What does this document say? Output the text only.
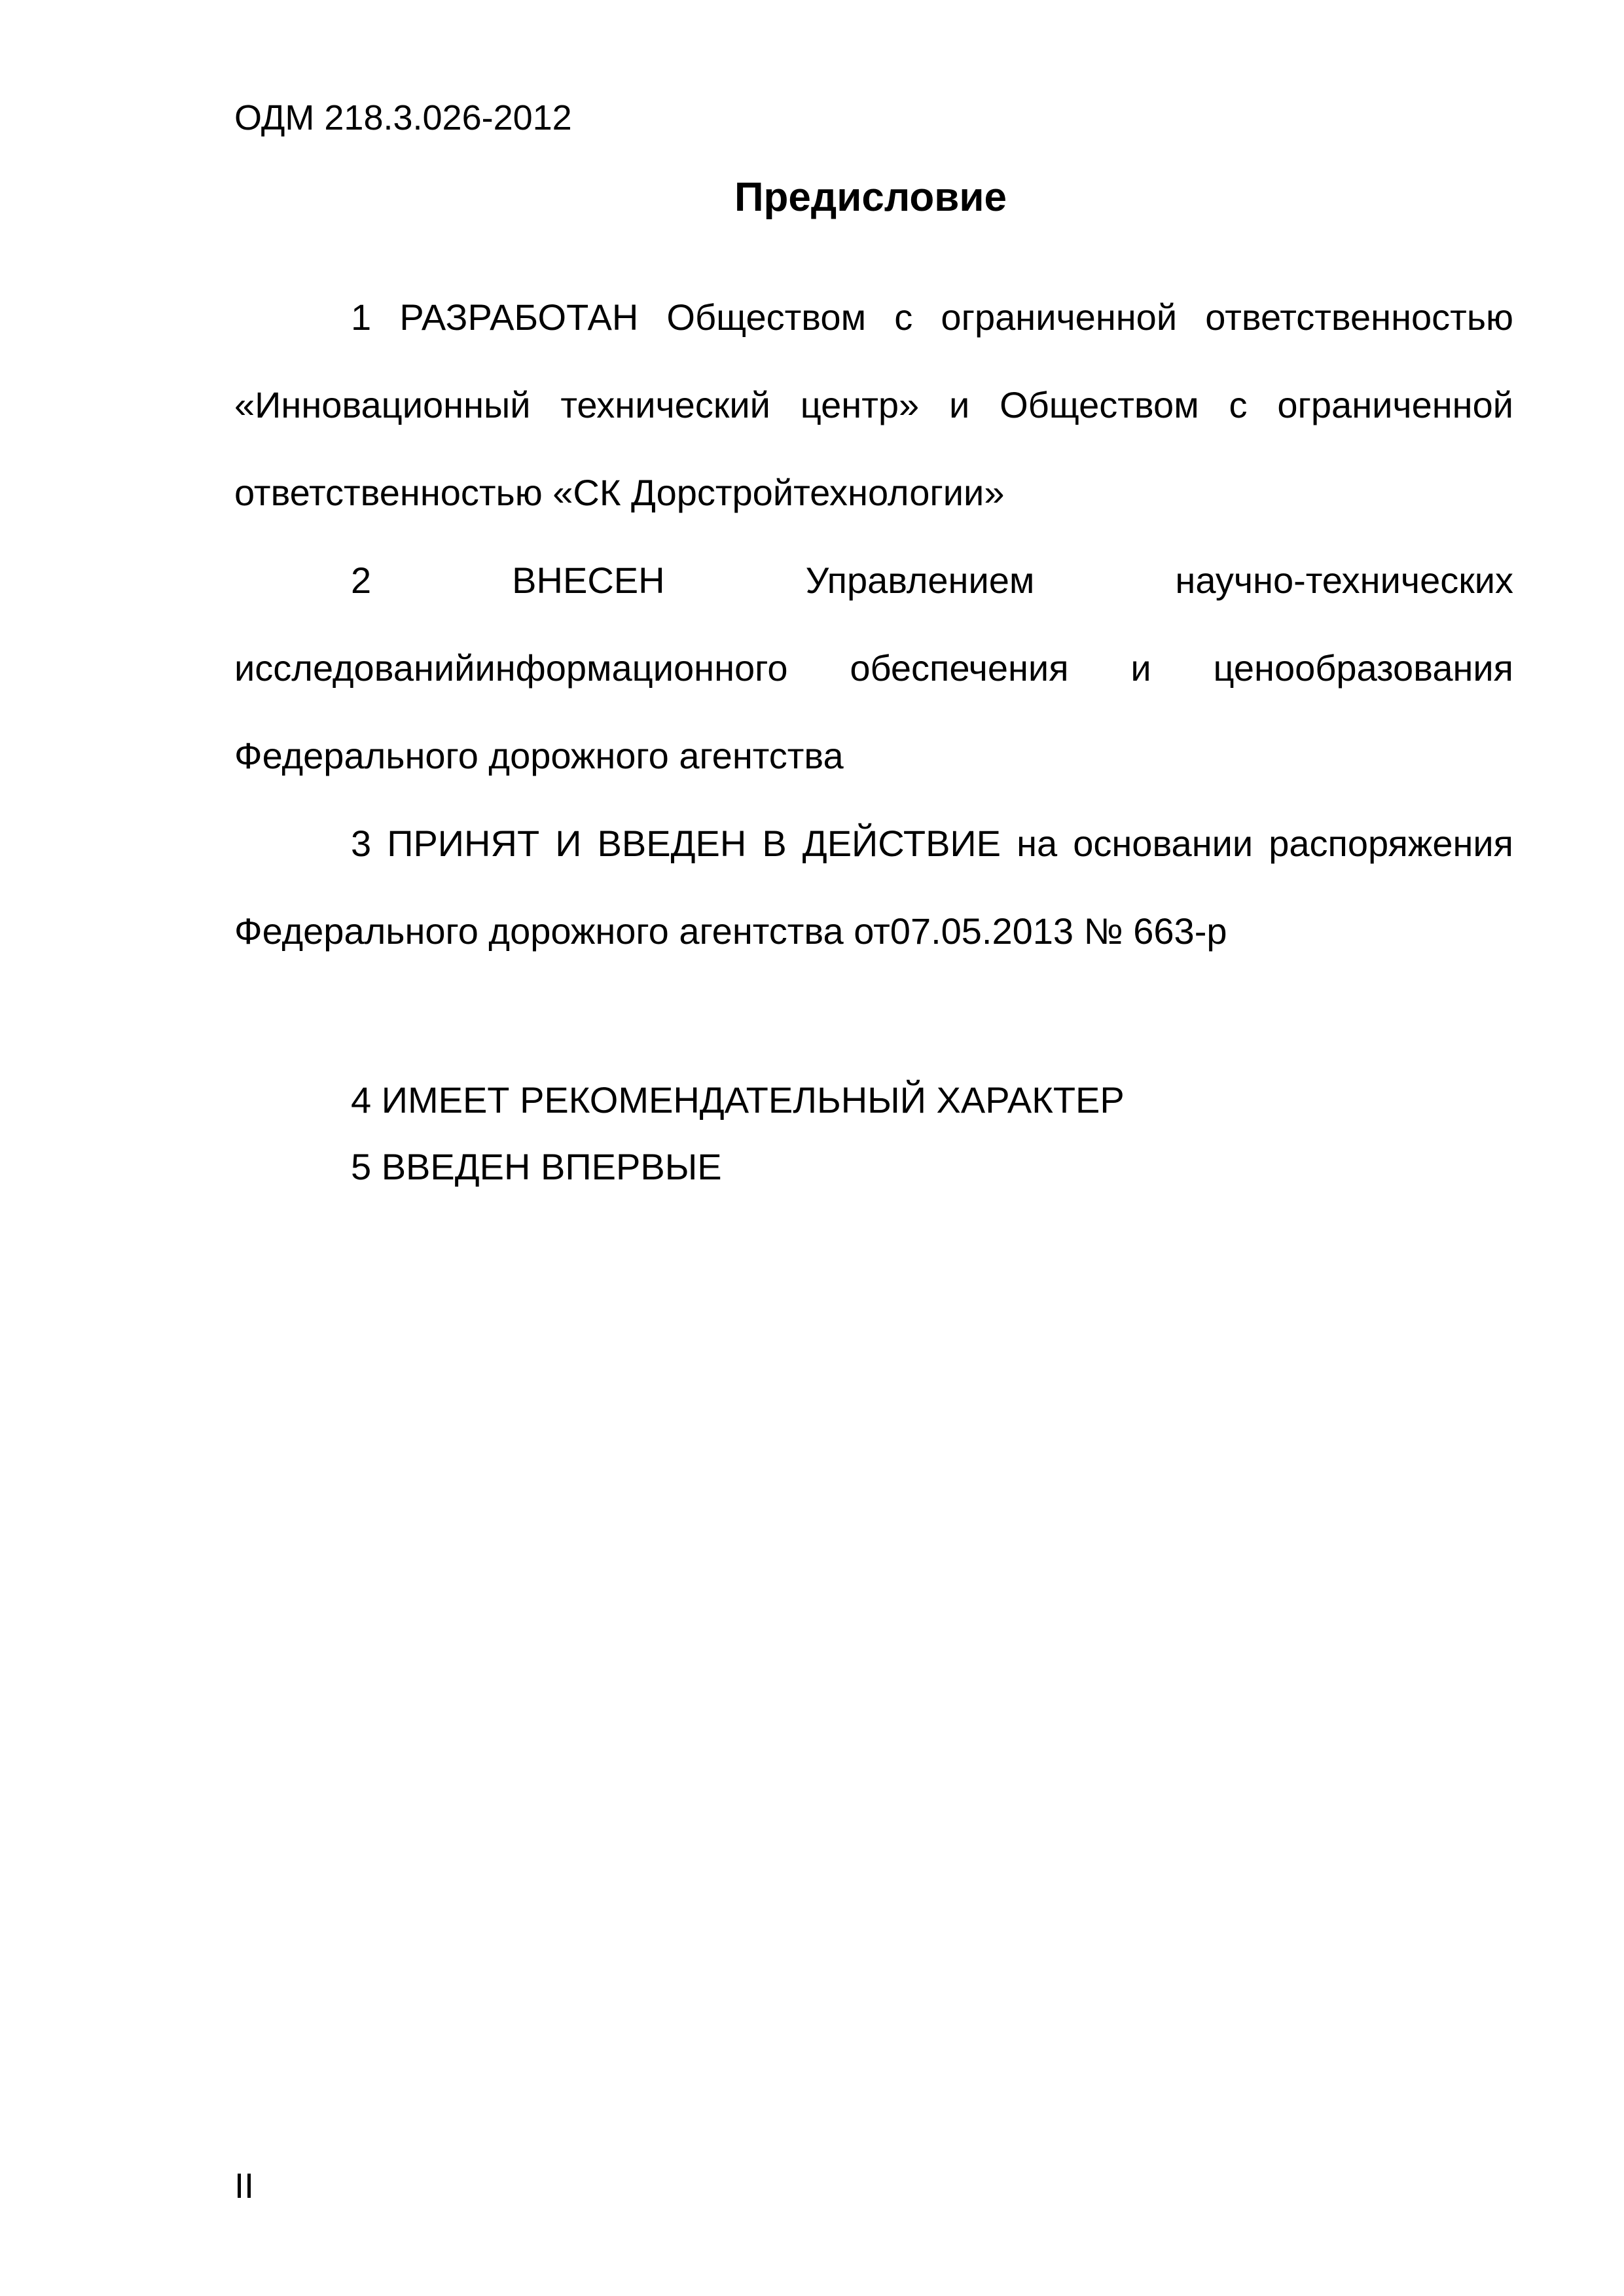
ОДМ 218.3.026-2012
Предисловие

1 РАЗРАБОТАН Обществом с ограниченной ответственностью «Инновационный технический центр» и Обществом с ограниченной ответственностью «СК Дорстройтехнологии»

2 ВНЕСЕН Управлением научно-технических исследованийинформационного обеспечения и ценообразования Федерального дорожного агентства

3 ПРИНЯТ И ВВЕДЕН В ДЕЙСТВИЕ на основании распоряжения Федерального дорожного агентства от07.05.2013 № 663-р

4 ИМЕЕТ РЕКОМЕНДАТЕЛЬНЫЙ ХАРАКТЕР
5 ВВЕДЕН ВПЕРВЫЕ
II
